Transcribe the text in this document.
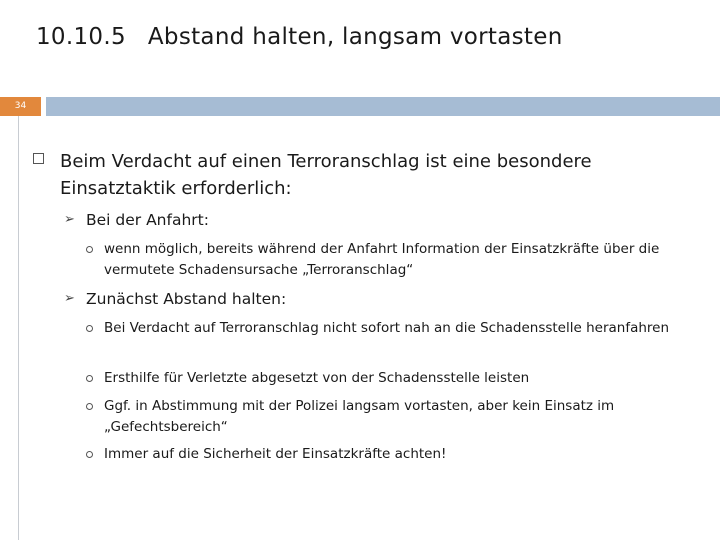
10.10.5 Abstand halten, langsam vortasten
34
Beim Verdacht auf einen Terroranschlag ist eine besondere Einsatztaktik erforderlich:
➢ Bei der Anfahrt:
wenn möglich, bereits während der Anfahrt Information der Einsatzkräfte über die vermutete Schadensursache „Terroranschlag“
➢ Zunächst Abstand halten:
Bei Verdacht auf Terroranschlag nicht sofort nah an die Schadensstelle heranfahren
Ersthilfe für Verletzte abgesetzt von der Schadensstelle leisten
Ggf. in Abstimmung mit der Polizei langsam vortasten, aber kein Einsatz im „Gefechtsbereich“
Immer auf die Sicherheit der Einsatzkräfte achten!
